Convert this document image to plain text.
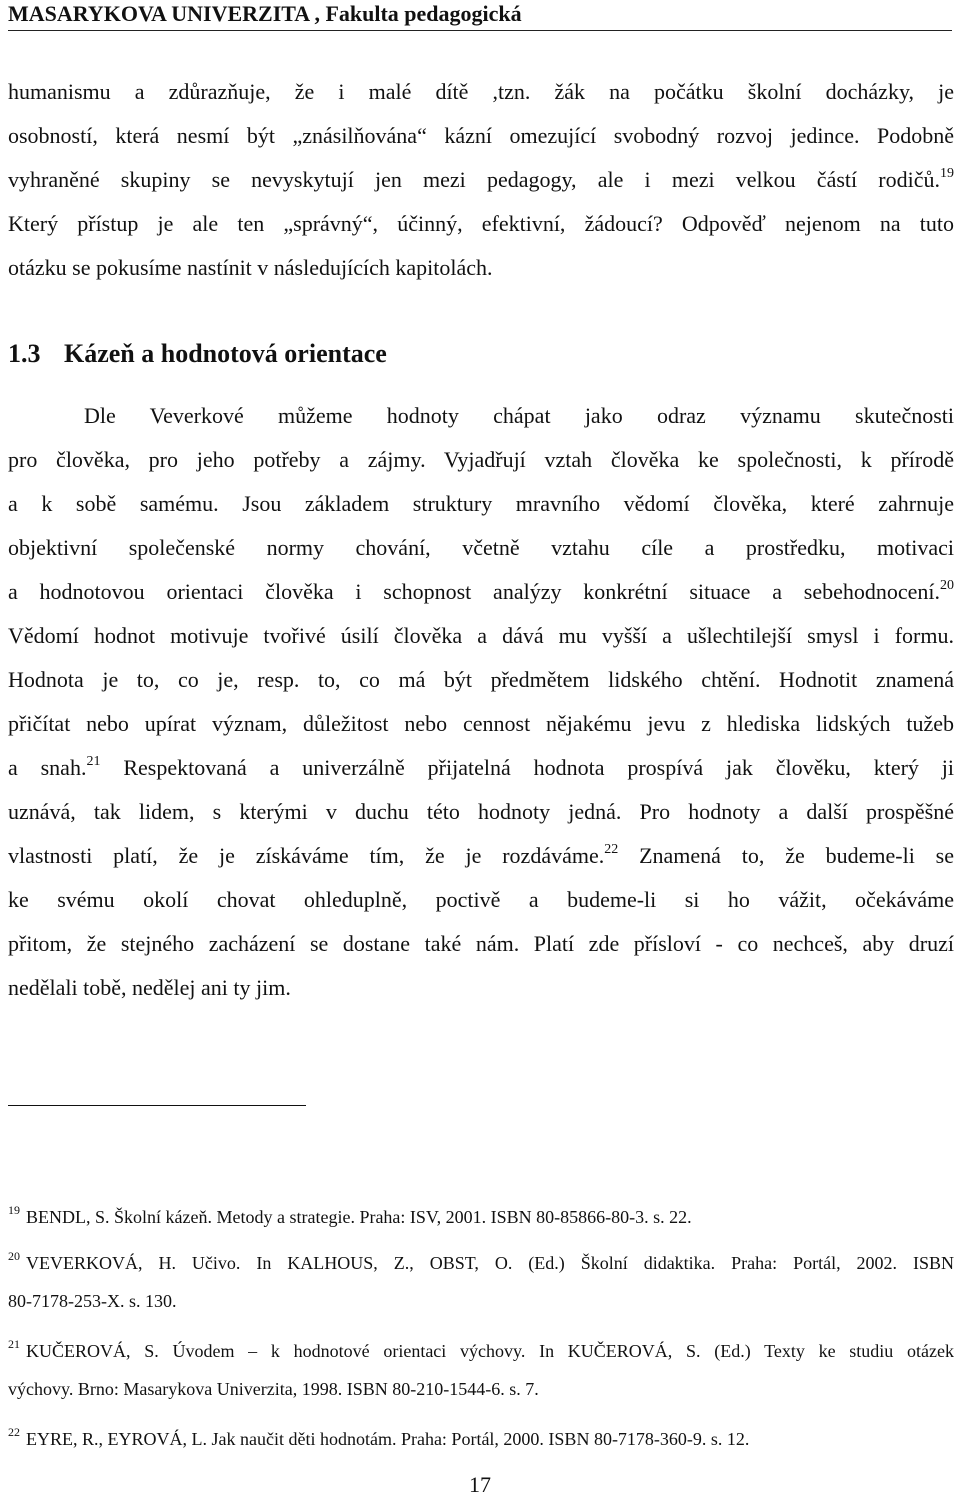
MASARYKOVA UNIVERZITA , Fakulta pedagogická

humanismu a zdůrazňuje, že i malé dítě ,tzn. žák na počátku školní docházky, je
osobností, která nesmí být „znásilňována“ kázní omezující svobodný rozvoj jedince. Podobně
vyhraněné skupiny se nevyskytují jen mezi pedagogy, ale i mezi velkou částí rodičů.$^{19}$
Který přístup je ale ten „správný“, účinný, efektivní, žádoucí? Odpověď nejenom na tuto
otázku se pokusíme nastínit v následujících kapitolách.

1.3 Kázeň a hodnotová orientace

Dle Veverkové můžeme hodnoty chápat jako odraz významu skutečnosti
pro člověka, pro jeho potřeby a zájmy. Vyjadřují vztah člověka ke společnosti, k přírodě
a k sobě samému. Jsou základem struktury mravního vědomí člověka, které zahrnuje
objektivní společenské normy chování, včetně vztahu cíle a prostředku, motivaci
a hodnotovou orientaci člověka i schopnost analýzy konkrétní situace a sebehodnocení.$^{20}$
Vědomí hodnot motivuje tvořivé úsilí člověka a dává mu vyšší a ušlechtilejší smysl i formu.
Hodnota je to, co je, resp. to, co má být předmětem lidského chtění. Hodnotit znamená
přičítat nebo upírat význam, důležitost nebo cennost nějakému jevu z hlediska lidských tužeb
a snah.$^{21}$ Respektovaná a univerzálně přijatelná hodnota prospívá jak člověku, který ji
uznává, tak lidem, s kterými v duchu této hodnoty jedná. Pro hodnoty a další prospěšné
vlastnosti platí, že je získáváme tím, že je rozdáváme.$^{22}$ Znamená to, že budeme-li se
ke svému okolí chovat ohleduplně, poctivě a budeme-li si ho vážit, očekáváme
přitom, že stejného zacházení se dostane také nám. Platí zde přísloví - co nechceš, aby druzí
nedělali tobě, nedělej ani ty jim.

$^{19}$ BENDL, S. Školní kázeň. Metody a strategie. Praha: ISV, 2001. ISBN 80-85866-80-3. s. 22.

$^{20}$ VEVERKOVÁ, H. Učivo. In KALHOUS, Z., OBST, O. (Ed.) Školní didaktika. Praha: Portál, 2002. ISBN
80-7178-253-X. s. 130.

$^{21}$ KUČEROVÁ, S. Úvodem – k hodnotové orientaci výchovy. In KUČEROVÁ, S. (Ed.) Texty ke studiu otázek
výchovy. Brno: Masarykova Univerzita, 1998. ISBN 80-210-1544-6. s. 7.

$^{22}$ EYRE, R., EYROVÁ, L. Jak naučit děti hodnotám. Praha: Portál, 2000. ISBN 80-7178-360-9. s. 12.

17
